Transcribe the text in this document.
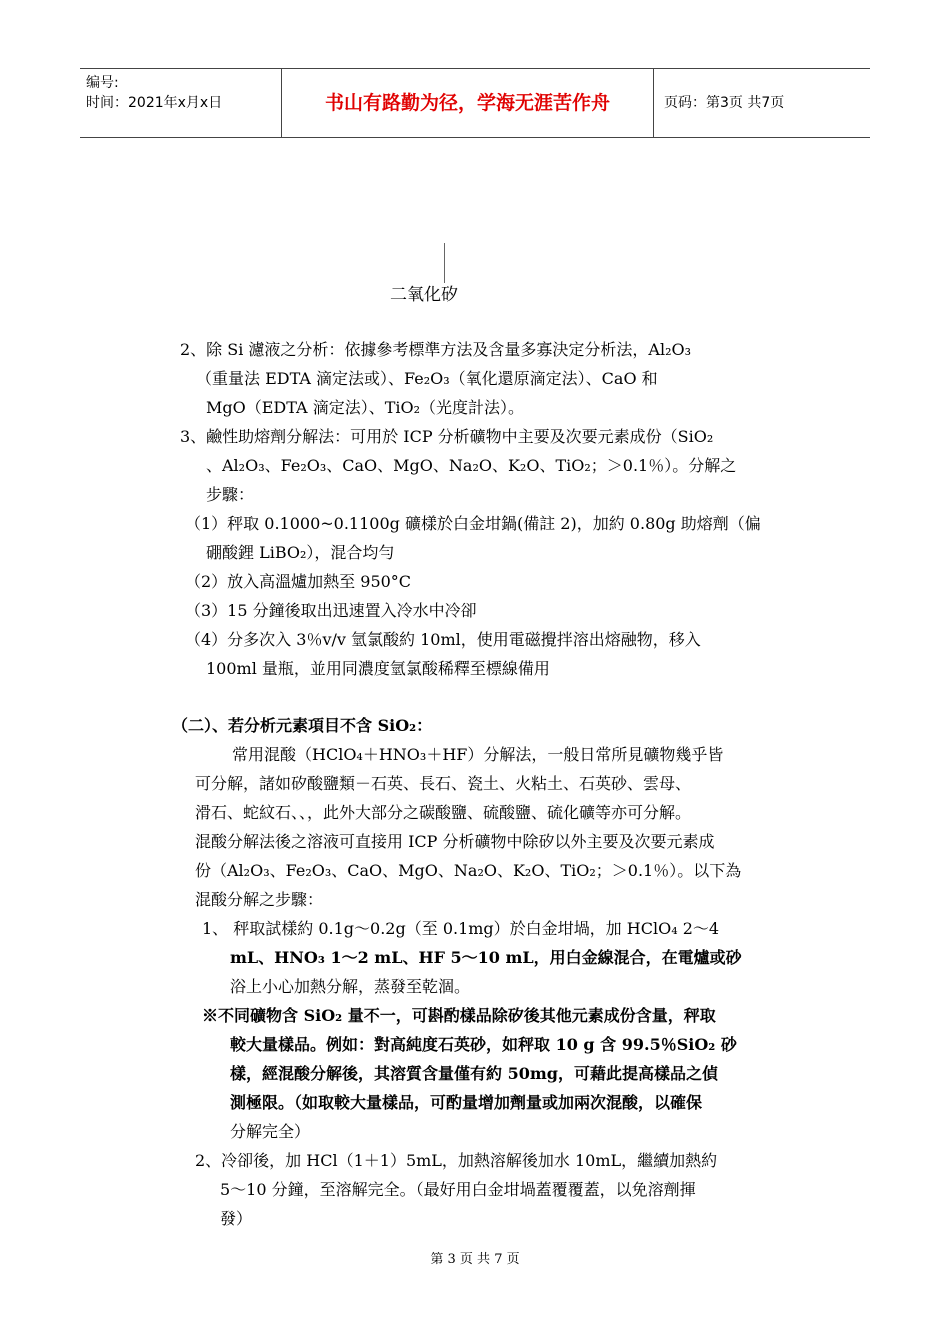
编号:
时间：2021年x月x日	书山有路勤为径，学海无涯苦作舟	页码：第3页 共7页
二氧化矽
2、除 Si 濾液之分析：依據參考標準方法及含量多寡決定分析法，Al₂O₃
（重量法 EDTA 滴定法或）、Fe₂O₃（氧化還原滴定法）、CaO 和
MgO（EDTA 滴定法）、TiO₂（光度計法）。
3、鹼性助熔劑分解法：可用於 ICP 分析礦物中主要及次要元素成份（SiO₂
、Al₂O₃、Fe₂O₃、CaO、MgO、Na₂O、K₂O、TiO₂；＞0.1％）。分解之
步驟：
（1）秤取 0.1000~0.1100g 礦樣於白金坩鍋(備註 2)，加約 0.80g 助熔劑（偏
硼酸鋰 LiBO₂），混合均勻
（2）放入高溫爐加熱至 950°C
（3）15 分鐘後取出迅速置入冷水中冷卻
（4）分多次入 3％v/v 氫氯酸約 10ml，使用電磁攪拌溶出熔融物，移入
100ml 量瓶，並用同濃度氫氯酸稀釋至標線備用
（二）、若分析元素項目不含 SiO₂：
常用混酸（HClO₄＋HNO₃＋HF）分解法，一般日常所見礦物幾乎皆
可分解，諸如矽酸鹽類－石英、長石、瓷土、火粘土、石英砂、雲母、
滑石、蛇紋石、、，此外大部分之碳酸鹽、硫酸鹽、硫化礦等亦可分解。
混酸分解法後之溶液可直接用 ICP 分析礦物中除矽以外主要及次要元素成
份（Al₂O₃、Fe₂O₃、CaO、MgO、Na₂O、K₂O、TiO₂；＞0.1％）。以下為
混酸分解之步驟：
1、 秤取試樣約 0.1g〜0.2g（至 0.1mg）於白金坩堝，加 HClO₄ 2〜4
mL、HNO₃ 1〜2 mL、HF 5〜10 mL，用白金線混合，在電爐或砂
浴上小心加熱分解，蒸發至乾涸。
※不同礦物含 SiO₂ 量不一，可斟酌樣品除矽後其他元素成份含量，秤取
較大量樣品。例如：對高純度石英砂，如秤取 10 g 含 99.5％SiO₂ 砂
樣，經混酸分解後，其溶質含量僅有約 50mg，可藉此提高樣品之偵
測極限。（如取較大量樣品，可酌量增加劑量或加兩次混酸，以確保
分解完全）
2、冷卻後，加 HCl（1＋1）5mL，加熱溶解後加水 10mL，繼續加熱約
5〜10 分鐘，至溶解完全。（最好用白金坩堝蓋覆覆蓋，以免溶劑揮
發）
第 3 页 共 7 页
